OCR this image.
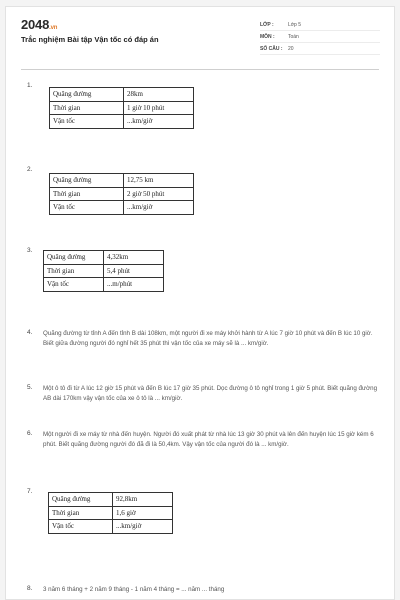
2048.vn
Trắc nghiệm Bài tập Vận tốc có đáp án
LỚP :	Lớp 5
MÔN :	Toán
SỐ CÂU :	20
1.
Quãng đường	28km
Thời gian	1 giờ 10 phút
Vận tốc	...km/giờ
2.
Quãng đường	12,75 km
Thời gian	2 giờ 50 phút
Vận tốc	...km/giờ
3.
Quãng đường	4,32km
Thời gian	5,4 phút
Vận tốc	...m/phút
4. Quãng đường từ tỉnh A đến tỉnh B dài 108km, một người đi xe máy khởi hành từ A lúc 7 giờ 10 phút và đến B lúc 10 giờ. Biết giữa đường người đó nghỉ hết 35 phút thì vận tốc của xe máy sẽ là ... km/giờ.
5. Một ô tô đi từ A lúc 12 giờ 15 phút và đến B lúc 17 giờ 35 phút. Dọc đường ô tô nghỉ trong 1 giờ 5 phút. Biết quãng đường AB dài 170km vậy vận tốc của xe ô tô là ... km/giờ.
6. Một người đi xe máy từ nhà đến huyện. Người đó xuất phát từ nhà lúc 13 giờ 30 phút và lên đến huyện lúc 15 giờ kém 6 phút. Biết quãng đường người đó đã đi là 50,4km. Vậy vận tốc của người đó là ... km/giờ.
7.
Quãng đường	92,8km
Thời gian	1,6 giờ
Vận tốc	...km/giờ
8. 3 năm 6 tháng + 2 năm 9 tháng - 1 năm 4 tháng = ... năm ... tháng
